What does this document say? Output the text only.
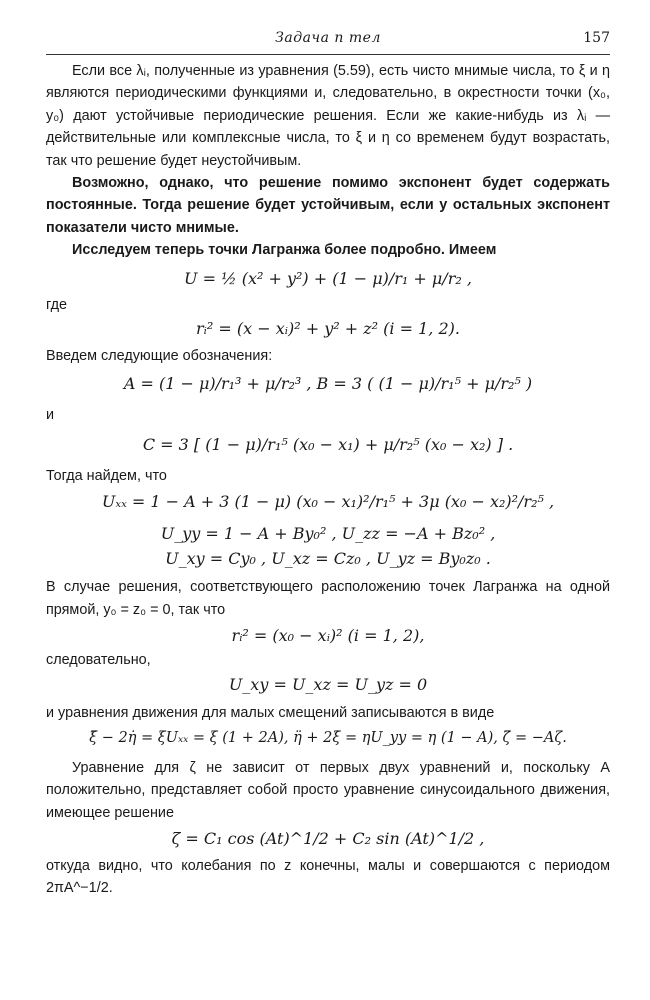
Задача n тел	157

Если все λᵢ, полученные из уравнения (5.59), есть чисто мнимые числа, то ξ и η являются периодическими функциями и, следовательно, в окрестности точки (x₀, y₀) дают устойчивые периодические решения. Если же какие-нибудь из λᵢ — действительные или комплексные числа, то ξ и η со временем будут возрастать, так что решение будет неустойчивым.

Возможно, однако, что решение помимо экспонент будет содержать постоянные. Тогда решение будет устойчивым, если у остальных экспонент показатели чисто мнимые.

Исследуем теперь точки Лагранжа более подробно. Имеем

U = ½ (x² + y²) + (1 − μ)/r₁ + μ/r₂ ,

где

rᵢ² = (x − xᵢ)² + y² + z² (i = 1, 2).

Введем следующие обозначения:

A = (1 − μ)/r₁³ + μ/r₂³ , B = 3 ( (1 − μ)/r₁⁵ + μ/r₂⁵ )

и

C = 3 [ (1 − μ)/r₁⁵ (x₀ − x₁) + μ/r₂⁵ (x₀ − x₂) ] .

Тогда найдем, что

Uₓₓ = 1 − A + 3 (1 − μ) (x₀ − x₁)²/r₁⁵ + 3μ (x₀ − x₂)²/r₂⁵ ,
U_yy = 1 − A + By₀² , U_zz = −A + Bz₀² ,
U_xy = Cy₀ , U_xz = Cz₀ , U_yz = By₀z₀ .

В случае решения, соответствующего расположению точек Лагранжа на одной прямой, y₀ = z₀ = 0, так что

rᵢ² = (x₀ − xᵢ)² (i = 1, 2),

следовательно,

U_xy = U_xz = U_yz = 0

и уравнения движения для малых смещений записываются в виде

ξ̈ − 2η̇ = ξUₓₓ = ξ (1 + 2A), η̈ + 2ξ̇ = ηU_yy = η (1 − A), ζ̈ = −Aζ.

Уравнение для ζ не зависит от первых двух уравнений и, поскольку A положительно, представляет собой просто уравнение синусоидального движения, имеющее решение

ζ = C₁ cos (At)^1/2 + C₂ sin (At)^1/2 ,

откуда видно, что колебания по z конечны, малы и совершаются с периодом 2πA^−1/2.
